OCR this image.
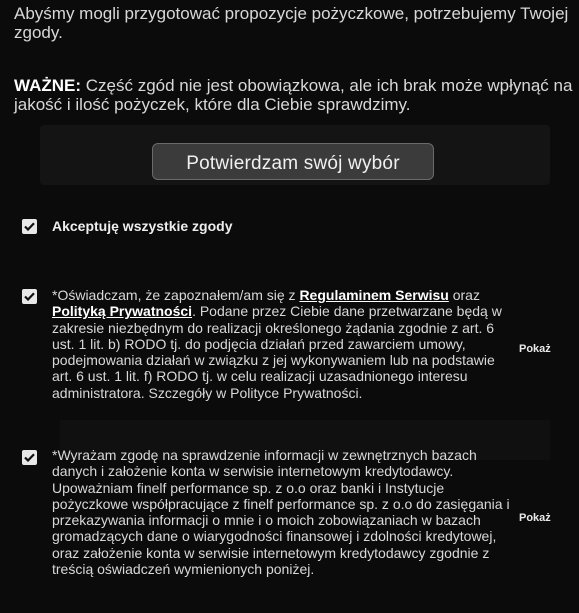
Abyśmy mogli przygotować propozycje pożyczkowe, potrzebujemy Twojej zgody.
WAŻNE: Część zgód nie jest obowiązkowa, ale ich brak może wpłynąć na jakość i ilość pożyczek, które dla Ciebie sprawdzimy.
Potwierdzam swój wybór
Akceptuję wszystkie zgody
*Oświadczam, że zapoznałem/am się z Regulaminem Serwisu oraz Polityką Prywatności. Podane przez Ciebie dane przetwarzane będą w zakresie niezbędnym do realizacji określonego żądania zgodnie z art. 6 ust. 1 lit. b) RODO tj. do podjęcia działań przed zawarciem umowy, podejmowania działań w związku z jej wykonywaniem lub na podstawie art. 6 ust. 1 lit. f) RODO tj. w celu realizacji uzasadnionego interesu administratora. Szczegóły w Polityce Prywatności.
Pokaż
*Wyrażam zgodę na sprawdzenie informacji w zewnętrznych bazach danych i założenie konta w serwisie internetowym kredytodawcy. Upoważniam finelf performance sp. z o.o oraz banki i Instytucje pożyczkowe współpracujące z finelf performance sp. z o.o do zasięgania i przekazywania informacji o mnie i o moich zobowiązaniach w bazach gromadzących dane o wiarygodności finansowej i zdolności kredytowej, oraz założenie konta w serwisie internetowym kredytodawcy zgodnie z treścią oświadczeń wymienionych poniżej.
Pokaż
